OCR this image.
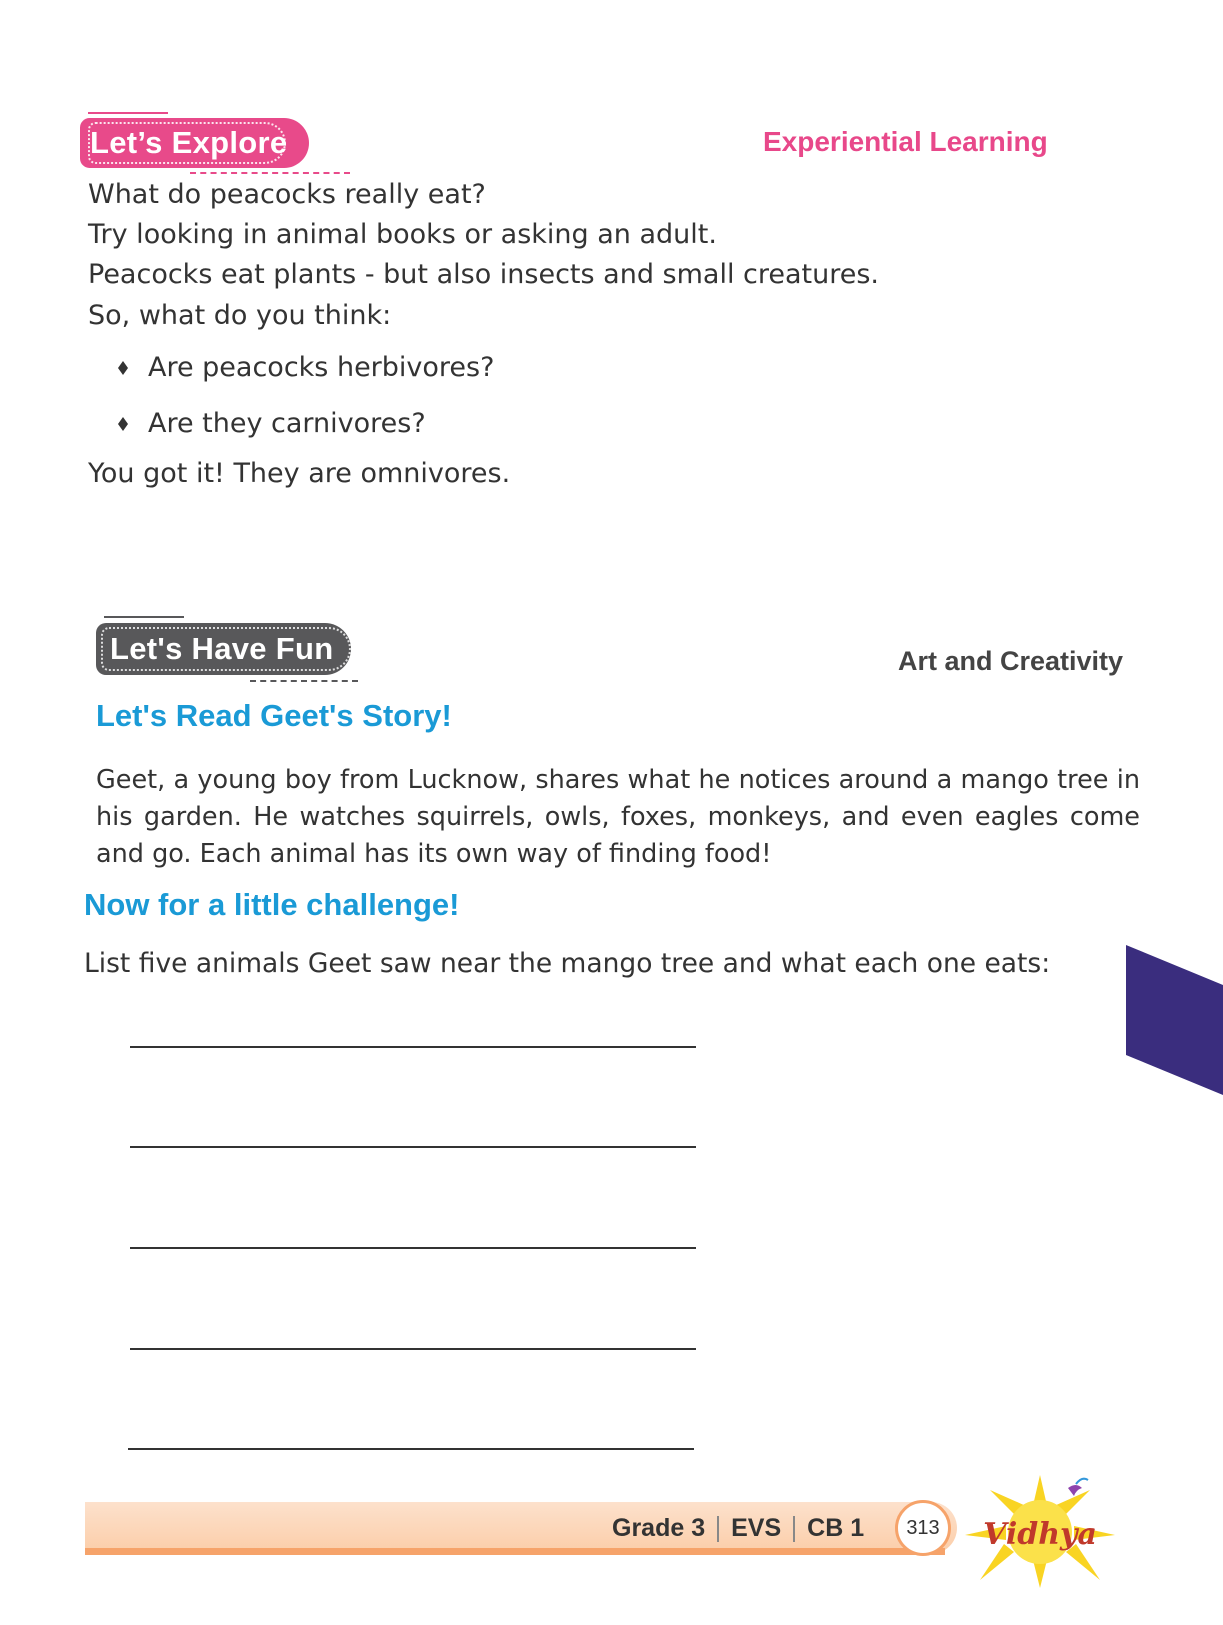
Let’s Explore	Experiential Learning
What do peacocks really eat?
Try looking in animal books or asking an adult.
Peacocks eat plants - but also insects and small creatures.
So, what do you think:
Are peacocks herbivores?
Are they carnivores?
You got it! They are omnivores.
Let's Have Fun	Art and Creativity
Let's Read Geet's Story!
Geet, a young boy from Lucknow, shares what he notices around a mango tree in his garden. He watches squirrels, owls, foxes, monkeys, and even eagles come and go. Each animal has its own way of finding food!
Now for a little challenge!
List five animals Geet saw near the mango tree and what each one eats:
Grade 3 EVS CB 1	313	Vidhya
